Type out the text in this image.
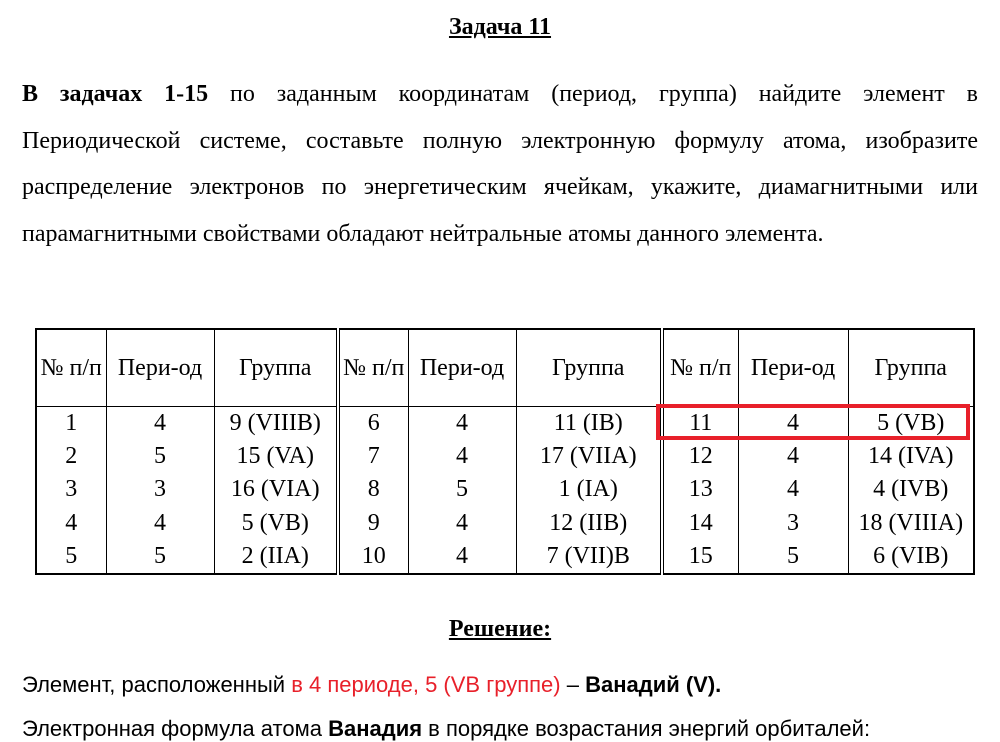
Задача 11
В задачах 1-15 по заданным координатам (период, группа) найдите элемент в Периодической системе, составьте полную электронную формулу атома, изобразите распределение электронов по энергетическим ячейкам, укажите, диамагнитными или парамагнитными свойствами обладают нейтральные атомы данного элемента.
№ п/п	Пери-од	Группа	№ п/п	Пери-од	Группа	№ п/п	Пери-од	Группа
1	4	9 (VIIIB)	6	4	11 (IB)	11	4	5 (VB)
2	5	15 (VA)	7	4	17 (VIIA)	12	4	14 (IVA)
3	3	16 (VIA)	8	5	1 (IA)	13	4	4 (IVB)
4	4	5 (VB)	9	4	12 (IIB)	14	3	18 (VIIIA)
5	5	2 (IIA)	10	4	7 (VII)B	15	5	6 (VIB)
Решение:
Элемент, расположенный в 4 периоде, 5 (VB группе) – Ванадий (V).
Электронная формула атома Ванадия в порядке возрастания энергий орбиталей:
